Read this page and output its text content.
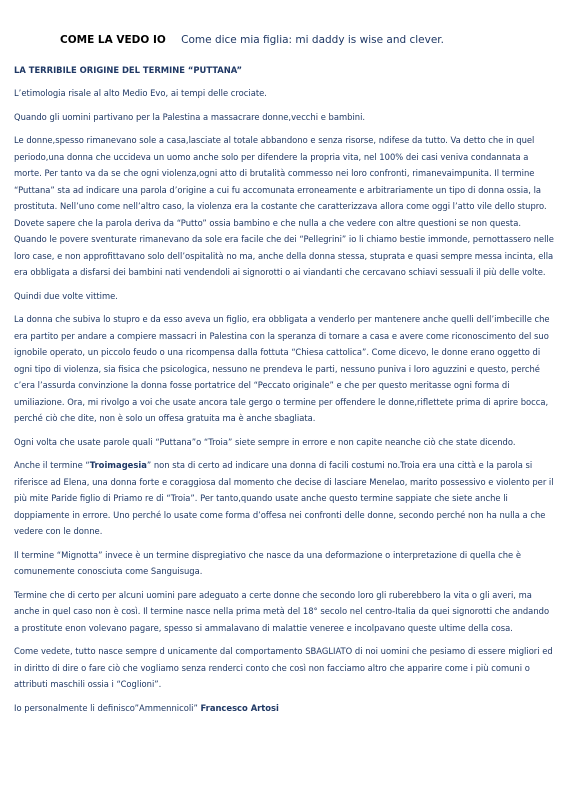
COME LA VEDO IO Come dice mia figlia: mi daddy is wise and clever.
LA TERRIBILE ORIGINE DEL TERMINE “PUTTANA”

L’etimologia risale al alto Medio Evo, ai tempi delle crociate.

Quando gli uomini partivano per la Palestina a massacrare donne,vecchi e bambini.

Le donne,spesso rimanevano sole a casa,lasciate al totale abbandono e senza risorse, ndifese da tutto. Va detto che in quel periodo,una donna che uccideva un uomo anche solo per difendere la propria vita, nel 100% dei casi veniva condannata a morte. Per tanto va da se che ogni violenza,ogni atto di brutalità commesso nei loro confronti, rimanevaimpunita. Il termine “Puttana” sta ad indicare una parola d’origine a cui fu accomunata erroneamente e arbitrariamente un tipo di donna ossia, la prostituta. Nell’uno come nell’altro caso, la violenza era la costante che caratterizzava allora come oggi l’atto vile dello stupro. Dovete sapere che la parola deriva da “Putto” ossia bambino e che nulla a che vedere con altre questioni se non questa. Quando le povere sventurate rimanevano da sole era facile che dei “Pellegrini” io li chiamo bestie immonde, pernottassero nelle loro case, e non approfittavano solo dell’ospitalità no ma, anche della donna stessa, stuprata e quasi sempre messa incinta, ella era obbligata a disfarsi dei bambini nati vendendoli ai signorotti o ai viandanti che cercavano schiavi sessuali il più delle volte.

Quindi due volte vittime.

La donna che subiva lo stupro e da esso aveva un figlio, era obbligata a venderlo per mantenere anche quelli dell’imbecille che era partito per andare a compiere massacri in Palestina con la speranza di tornare a casa e avere come riconoscimento del suo ignobile operato, un piccolo feudo o una ricompensa dalla fottuta “Chiesa cattolica”. Come dicevo, le donne erano oggetto di ogni tipo di violenza, sia fisica che psicologica, nessuno ne prendeva le parti, nessuno puniva i loro aguzzini e questo, perché c’era l’assurda convinzione la donna fosse portatrice del “Peccato originale” e che per questo meritasse ogni forma di umiliazione. Ora, mi rivolgo a voi che usate ancora tale gergo o termine per offendere le donne,riflettete prima di aprire bocca, perché ciò che dite, non è solo un offesa gratuita ma è anche sbagliata.

Ogni volta che usate parole quali “Puttana”o “Troia” siete sempre in errore e non capite neanche ciò che state dicendo.

Anche il termine “Troimagesia” non sta di certo ad indicare una donna di facili costumi no.Troia era una città e la parola si riferisce ad Elena, una donna forte e coraggiosa dal momento che decise di lasciare Menelao, marito possessivo e violento per il più mite Paride figlio di Priamo re di “Troia”. Per tanto,quando usate anche questo termine sappiate che siete anche li doppiamente in errore. Uno perché lo usate come forma d’offesa nei confronti delle donne, secondo perché non ha nulla a che vedere con le donne.

Il termine “Mignotta” invece è un termine dispregiativo che nasce da una deformazione o interpretazione di quella che è comunemente conosciuta come Sanguisuga.

Termine che di certo per alcuni uomini pare adeguato a certe donne che secondo loro gli ruberebbero la vita o gli averi, ma anche in quel caso non è così. Il termine nasce nella prima metà del 18° secolo nel centro-Italia da quei signorotti che andando a prostitute enon volevano pagare, spesso si ammalavano di malattie veneree e incolpavano queste ultime della cosa.

Come vedete, tutto nasce sempre d unicamente dal comportamento SBAGLIATO di noi uomini che pesiamo di essere migliori ed in diritto di dire o fare ciò che vogliamo senza renderci conto che così non facciamo altro che apparire come i più comuni o attributi maschili ossia i “Coglioni”.

Io personalmente li definisco”Ammennicoli” Francesco Artosi
